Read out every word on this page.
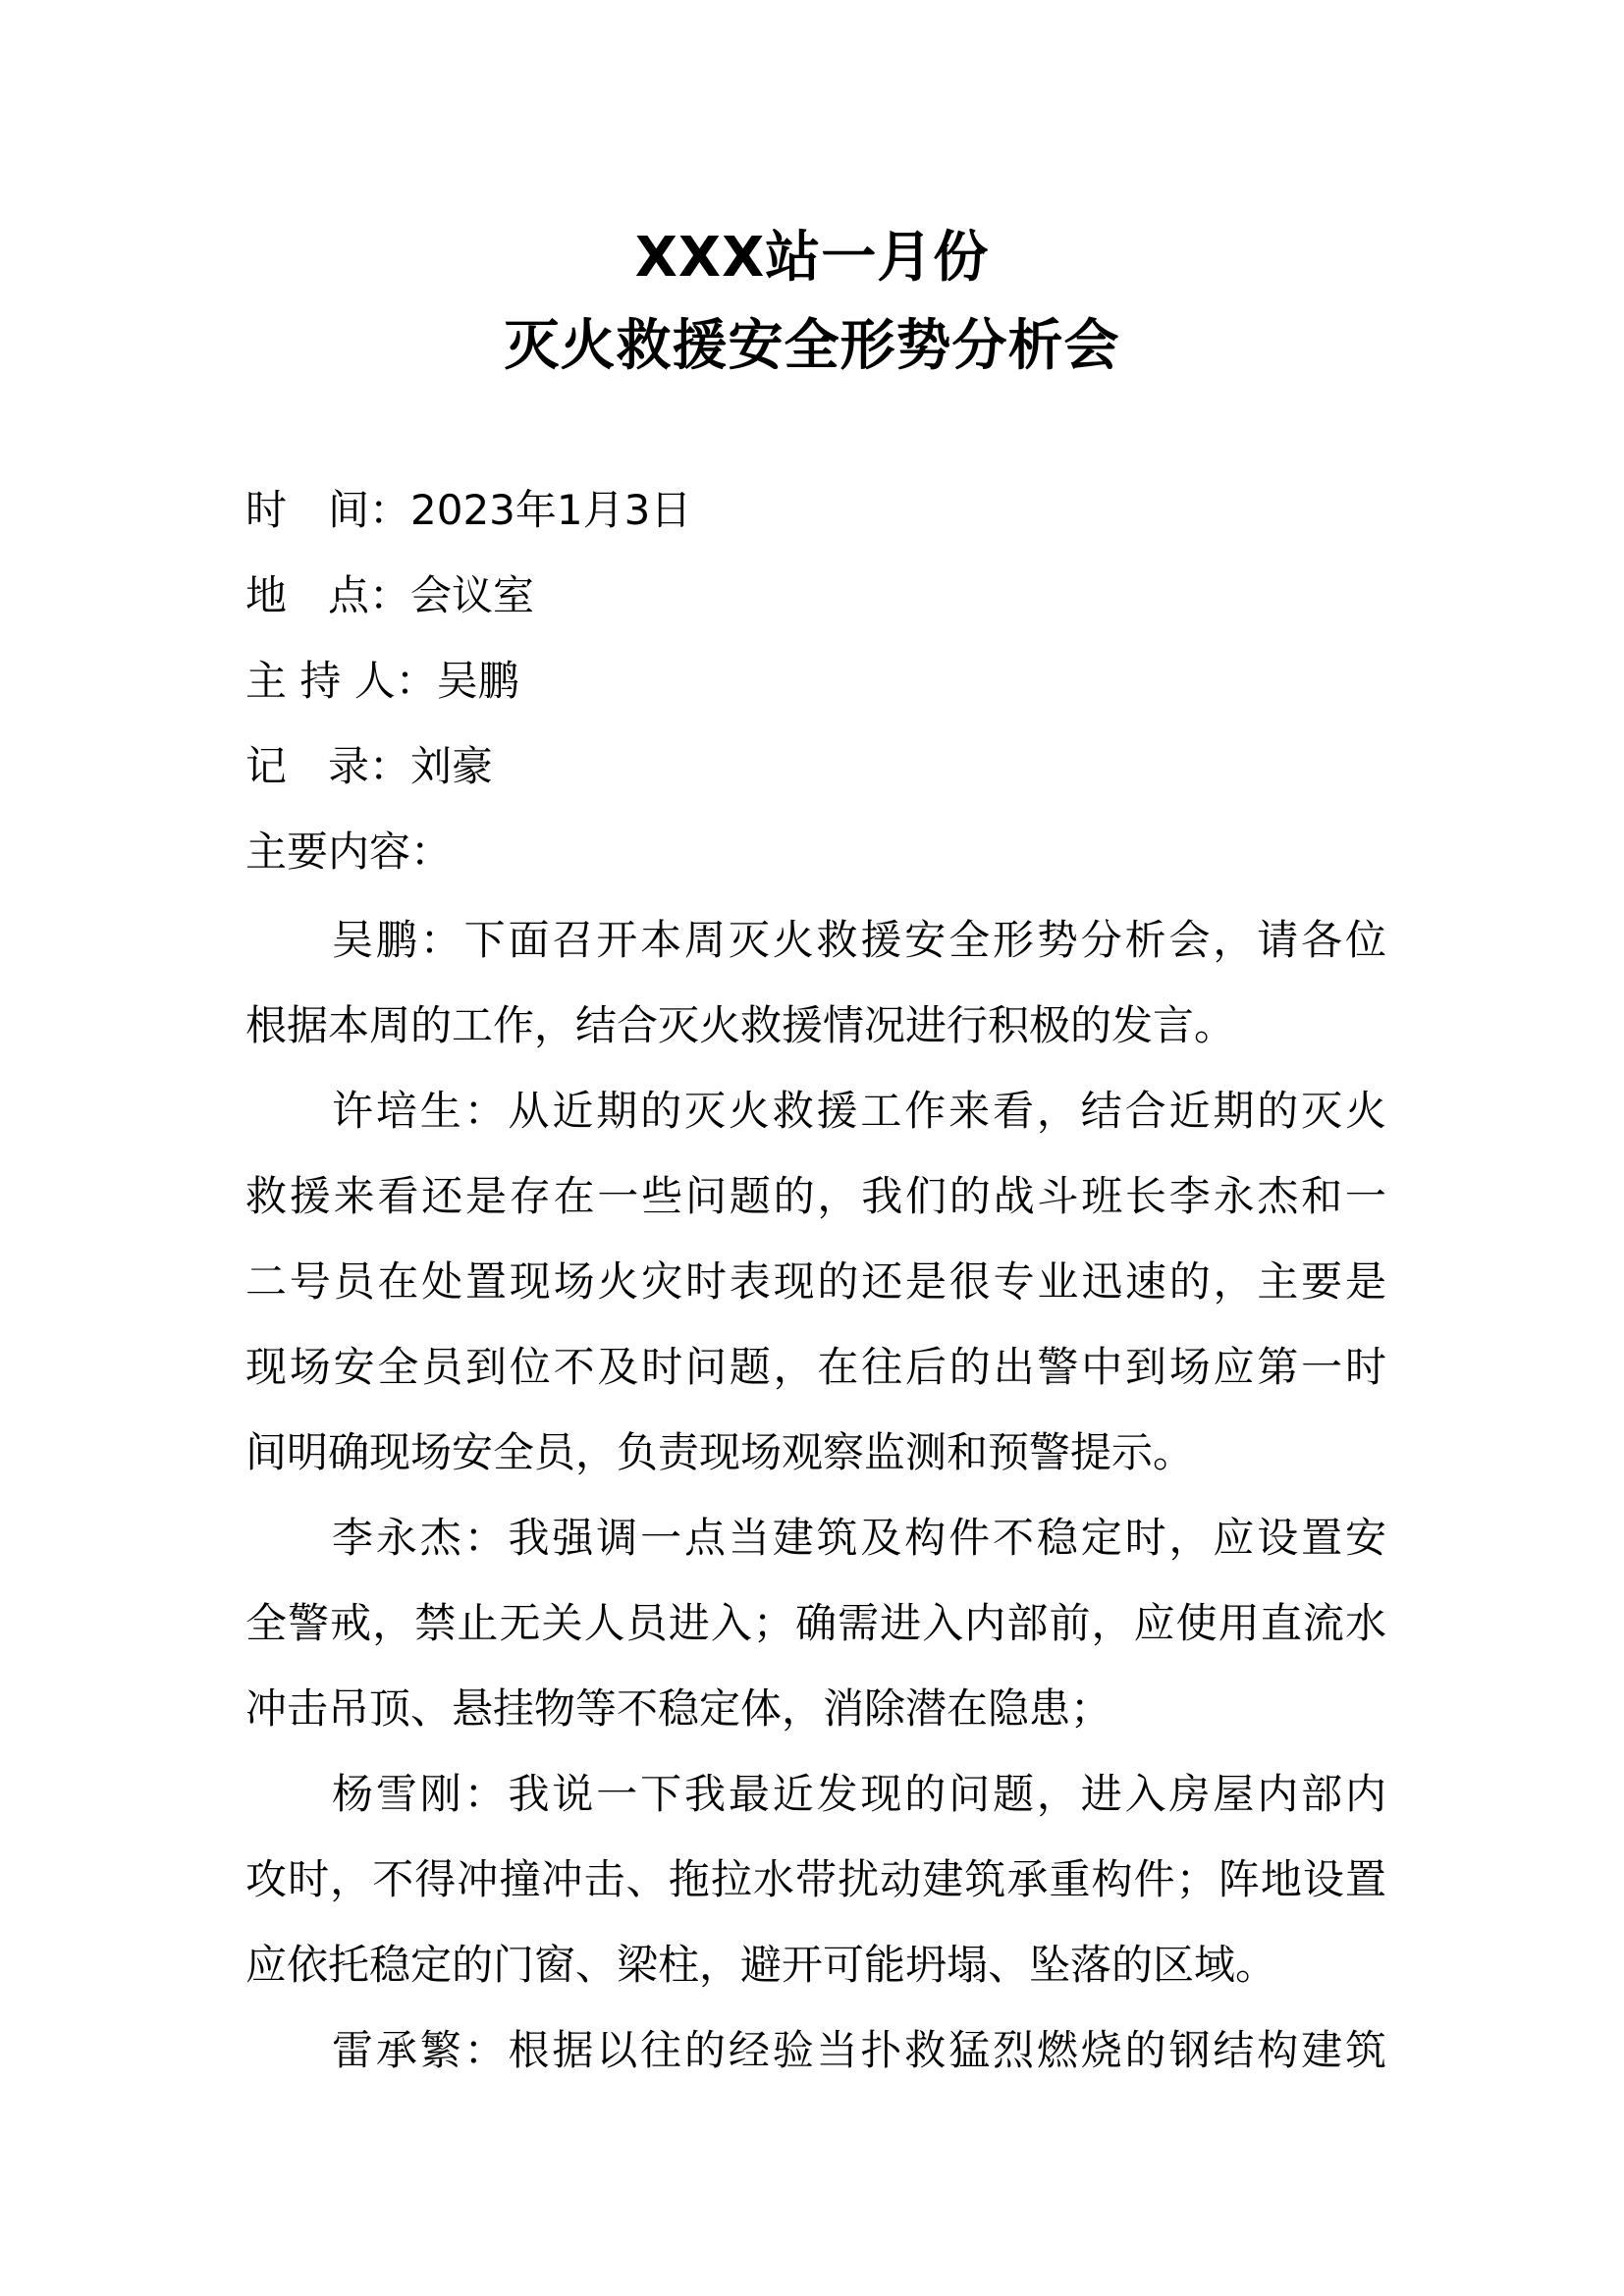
XXX站一月份
灭火救援安全形势分析会
时　间：2023年1月3日
地　点：会议室
主 持 人：吴鹏
记　录：刘豪
主要内容：
吴鹏：下面召开本周灭火救援安全形势分析会，请各位
根据本周的工作，结合灭火救援情况进行积极的发言。
许培生：从近期的灭火救援工作来看，结合近期的灭火
救援来看还是存在一些问题的，我们的战斗班长李永杰和一
二号员在处置现场火灾时表现的还是很专业迅速的，主要是
现场安全员到位不及时问题，在往后的出警中到场应第一时
间明确现场安全员，负责现场观察监测和预警提示。
李永杰：我强调一点当建筑及构件不稳定时，应设置安
全警戒，禁止无关人员进入；确需进入内部前，应使用直流水
冲击吊顶、悬挂物等不稳定体，消除潜在隐患；
杨雪刚：我说一下我最近发现的问题，进入房屋内部内
攻时，不得冲撞冲击、拖拉水带扰动建筑承重构件；阵地设置
应依托稳定的门窗、梁柱，避开可能坍塌、坠落的区域。
雷承繁：根据以往的经验当扑救猛烈燃烧的钢结构建筑
